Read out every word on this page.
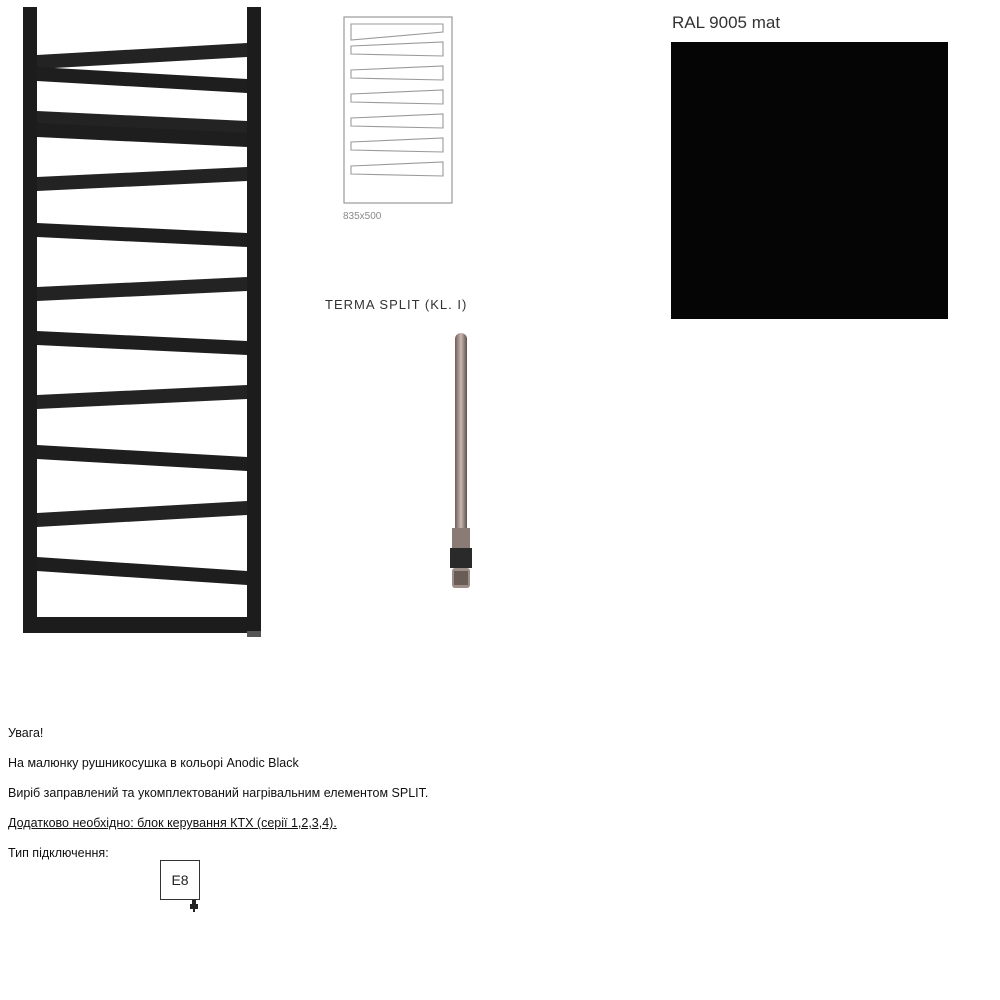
835x500
TERMA SPLIT (KL. I)
RAL 9005 mat
Увага!
На малюнку рушникосушка в кольорі Anodic Black
Виріб заправлений та укомплектований нагрівальним елементом SPLIT.
Додатково необхідно: блок керування КТХ (серії 1,2,3,4).
Тип підключення:
E8
